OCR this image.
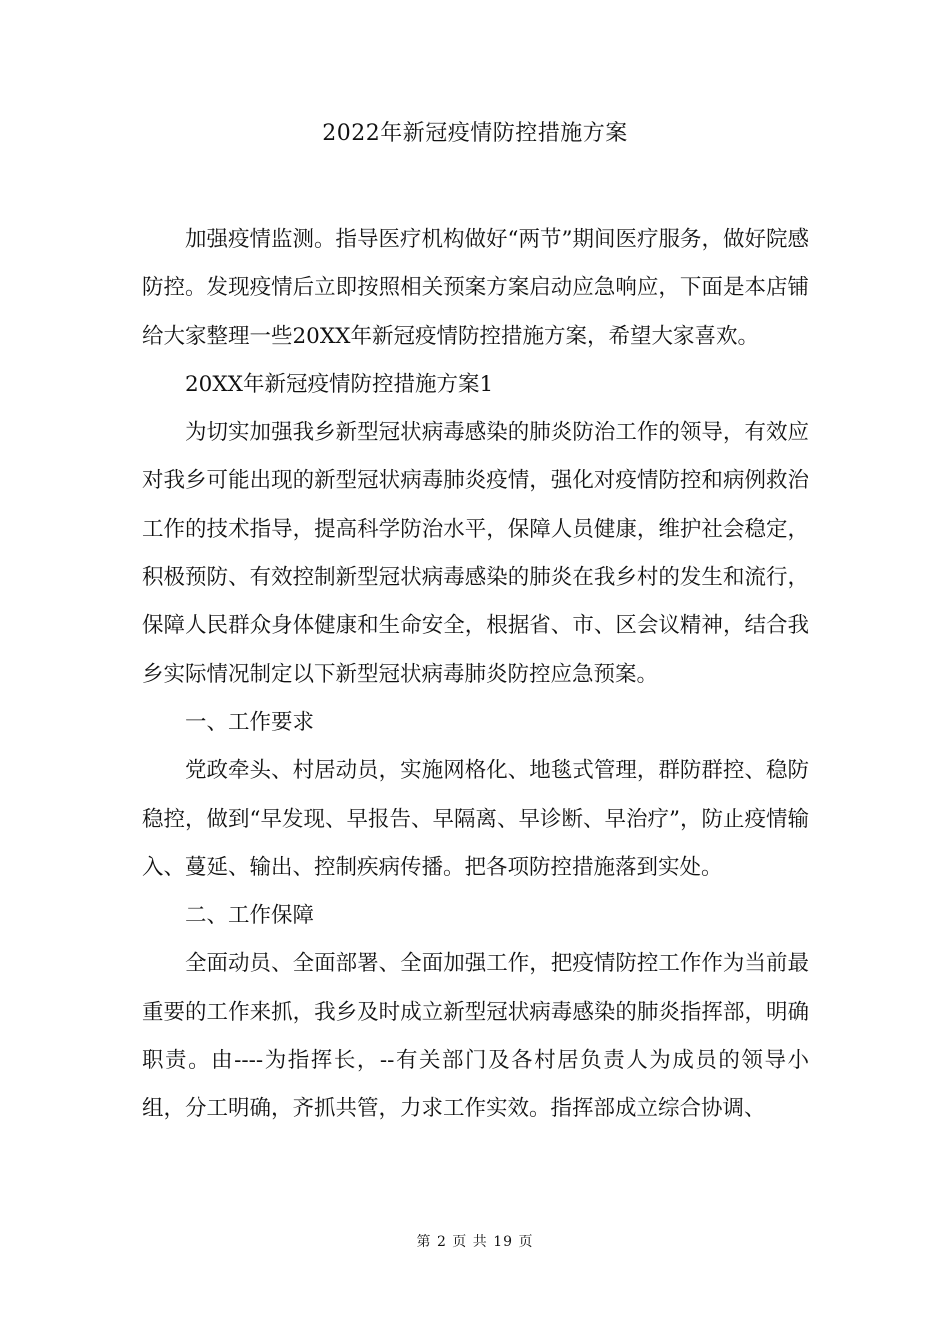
2022年新冠疫情防控措施方案

加强疫情监测。指导医疗机构做好“两节”期间医疗服务，做好院感防控。发现疫情后立即按照相关预案方案启动应急响应，下面是本店铺给大家整理一些20XX年新冠疫情防控措施方案，希望大家喜欢。

20XX年新冠疫情防控措施方案1

为切实加强我乡新型冠状病毒感染的肺炎防治工作的领导，有效应对我乡可能出现的新型冠状病毒肺炎疫情，强化对疫情防控和病例救治工作的技术指导，提高科学防治水平，保障人员健康，维护社会稳定，积极预防、有效控制新型冠状病毒感染的肺炎在我乡村的发生和流行，保障人民群众身体健康和生命安全，根据省、市、区会议精神，结合我乡实际情况制定以下新型冠状病毒肺炎防控应急预案。

一、工作要求

党政牵头、村居动员，实施网格化、地毯式管理，群防群控、稳防稳控，做到“早发现、早报告、早隔离、早诊断、早治疗”，防止疫情输入、蔓延、输出、控制疾病传播。把各项防控措施落到实处。

二、工作保障

全面动员、全面部署、全面加强工作，把疫情防控工作作为当前最重要的工作来抓，我乡及时成立新型冠状病毒感染的肺炎指挥部，明确职责。由----为指挥长，--有关部门及各村居负责人为成员的领导小组，分工明确，齐抓共管，力求工作实效。指挥部成立综合协调、

第 2 页 共 19 页
